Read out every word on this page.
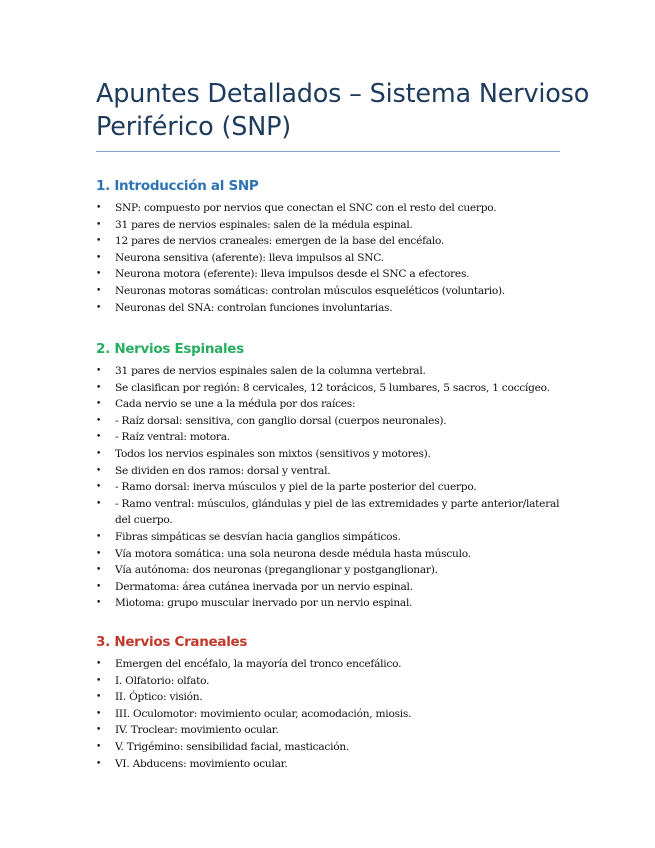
Apuntes Detallados – Sistema Nervioso
Periférico (SNP)
1. Introducción al SNP
• SNP: compuesto por nervios que conectan el SNC con el resto del cuerpo.
• 31 pares de nervios espinales: salen de la médula espinal.
• 12 pares de nervios craneales: emergen de la base del encéfalo.
• Neurona sensitiva (aferente): lleva impulsos al SNC.
• Neurona motora (eferente): lleva impulsos desde el SNC a efectores.
• Neuronas motoras somáticas: controlan músculos esqueléticos (voluntario).
• Neuronas del SNA: controlan funciones involuntarias.
2. Nervios Espinales
• 31 pares de nervios espinales salen de la columna vertebral.
• Se clasifican por región: 8 cervicales, 12 torácicos, 5 lumbares, 5 sacros, 1 coccígeo.
• Cada nervio se une a la médula por dos raíces:
• - Raíz dorsal: sensitiva, con ganglio dorsal (cuerpos neuronales).
• - Raíz ventral: motora.
• Todos los nervios espinales son mixtos (sensitivos y motores).
• Se dividen en dos ramos: dorsal y ventral.
• - Ramo dorsal: inerva músculos y piel de la parte posterior del cuerpo.
• - Ramo ventral: músculos, glándulas y piel de las extremidades y parte anterior/lateral del cuerpo.
• Fibras simpáticas se desvían hacia ganglios simpáticos.
• Vía motora somática: una sola neurona desde médula hasta músculo.
• Vía autónoma: dos neuronas (preganglionar y postganglionar).
• Dermatoma: área cutánea inervada por un nervio espinal.
• Miotoma: grupo muscular inervado por un nervio espinal.
3. Nervios Craneales
• Emergen del encéfalo, la mayoría del tronco encefálico.
• I. Olfatorio: olfato.
• II. Óptico: visión.
• III. Oculomotor: movimiento ocular, acomodación, miosis.
• IV. Troclear: movimiento ocular.
• V. Trigémino: sensibilidad facial, masticación.
• VI. Abducens: movimiento ocular.
